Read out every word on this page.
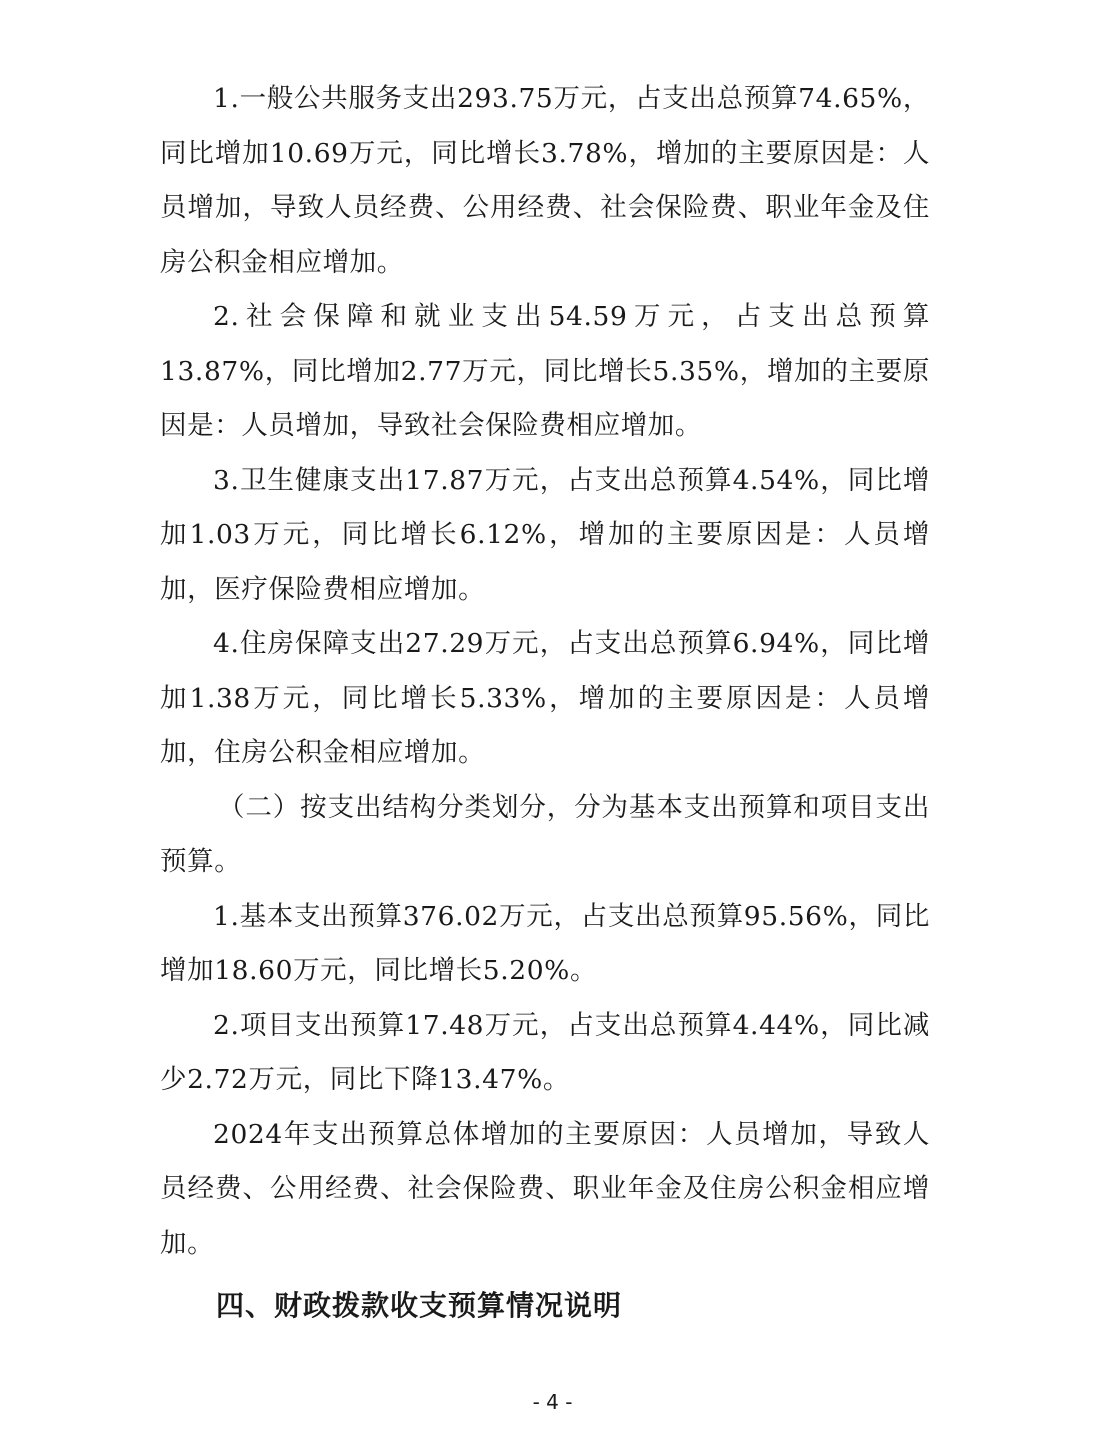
1.一般公共服务支出293.75万元，占支出总预算74.65%，同比增加10.69万元，同比增长3.78%，增加的主要原因是：人员增加，导致人员经费、公用经费、社会保险费、职业年金及住房公积金相应增加。

2.社会保障和就业支出54.59万元，占支出总预算13.87%，同比增加2.77万元，同比增长5.35%，增加的主要原因是：人员增加，导致社会保险费相应增加。

3.卫生健康支出17.87万元，占支出总预算4.54%，同比增加1.03万元，同比增长6.12%，增加的主要原因是：人员增加，医疗保险费相应增加。

4.住房保障支出27.29万元，占支出总预算6.94%，同比增加1.38万元，同比增长5.33%，增加的主要原因是：人员增加，住房公积金相应增加。

（二）按支出结构分类划分，分为基本支出预算和项目支出预算。

1.基本支出预算376.02万元，占支出总预算95.56%，同比增加18.60万元，同比增长5.20%。

2.项目支出预算17.48万元，占支出总预算4.44%，同比减少2.72万元，同比下降13.47%。

2024年支出预算总体增加的主要原因：人员增加，导致人员经费、公用经费、社会保险费、职业年金及住房公积金相应增加。

四、财政拨款收支预算情况说明
- 4 -
